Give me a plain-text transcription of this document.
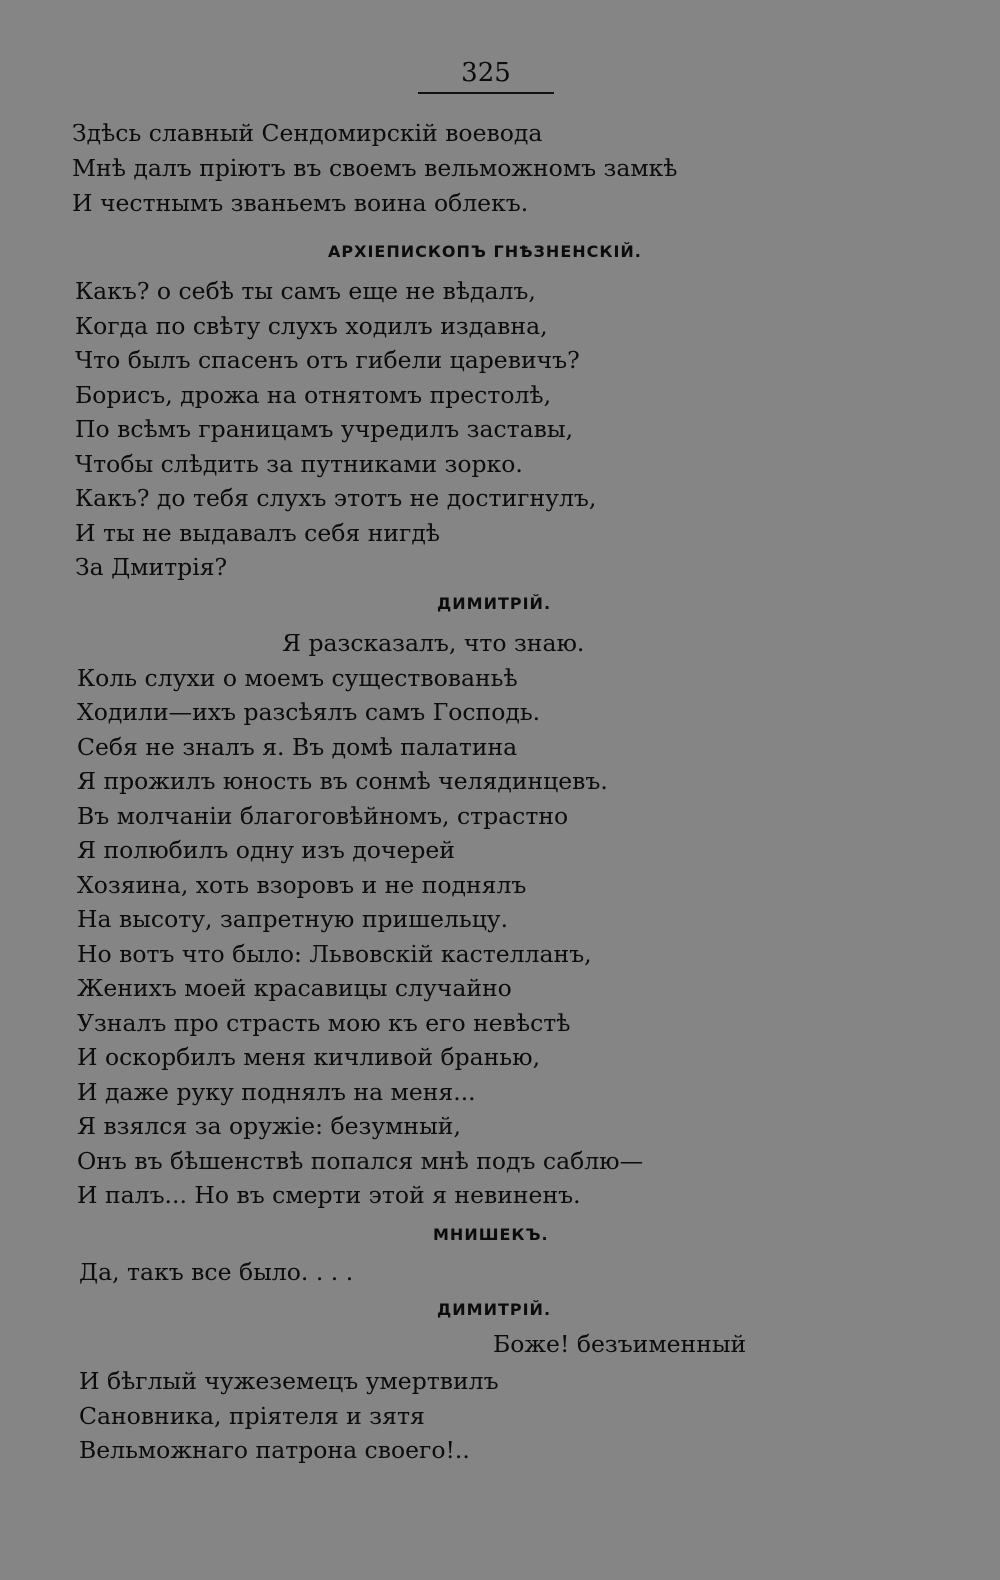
325
Здѣсь славный Сендомирскій воевода
Мнѣ далъ пріютъ въ своемъ вельможномъ замкѣ
И честнымъ званьемъ воина облекъ.
АРХІЕПИСКОПЪ ГНѢЗНЕНСКІЙ.
Какъ? о себѣ ты самъ еще не вѣдалъ,
Когда по свѣту слухъ ходилъ издавна,
Что былъ спасенъ отъ гибели царевичъ?
Борисъ, дрожа на отнятомъ престолѣ,
По всѣмъ границамъ учредилъ заставы,
Чтобы слѣдить за путниками зорко.
Какъ? до тебя слухъ этотъ не достигнулъ,
И ты не выдавалъ себя нигдѣ
За Дмитрія?
ДИМИТРІЙ.
Я разсказалъ, что знаю.
Коль слухи о моемъ существованьѣ
Ходили—ихъ разсѣялъ самъ Господь.
Себя не зналъ я. Въ домѣ палатина
Я прожилъ юность въ сонмѣ челядинцевъ.
Въ молчаніи благоговѣйномъ, страстно
Я полюбилъ одну изъ дочерей
Хозяина, хоть взоровъ и не поднялъ
На высоту, запретную пришельцу.
Но вотъ что было: Львовскій кастелланъ,
Женихъ моей красавицы случайно
Узналъ про страсть мою къ его невѣстѣ
И оскорбилъ меня кичливой бранью,
И даже руку поднялъ на меня...
Я взялся за оружіе: безумный,
Онъ въ бѣшенствѣ попался мнѣ подъ саблю—
И палъ... Но въ смерти этой я невиненъ.
МНИШЕКЪ.
Да, такъ все было. . . .
ДИМИТРІЙ.
Боже! безъименный
И бѣглый чужеземецъ умертвилъ
Сановника, пріятеля и зятя
Вельможнаго патрона своего!..
